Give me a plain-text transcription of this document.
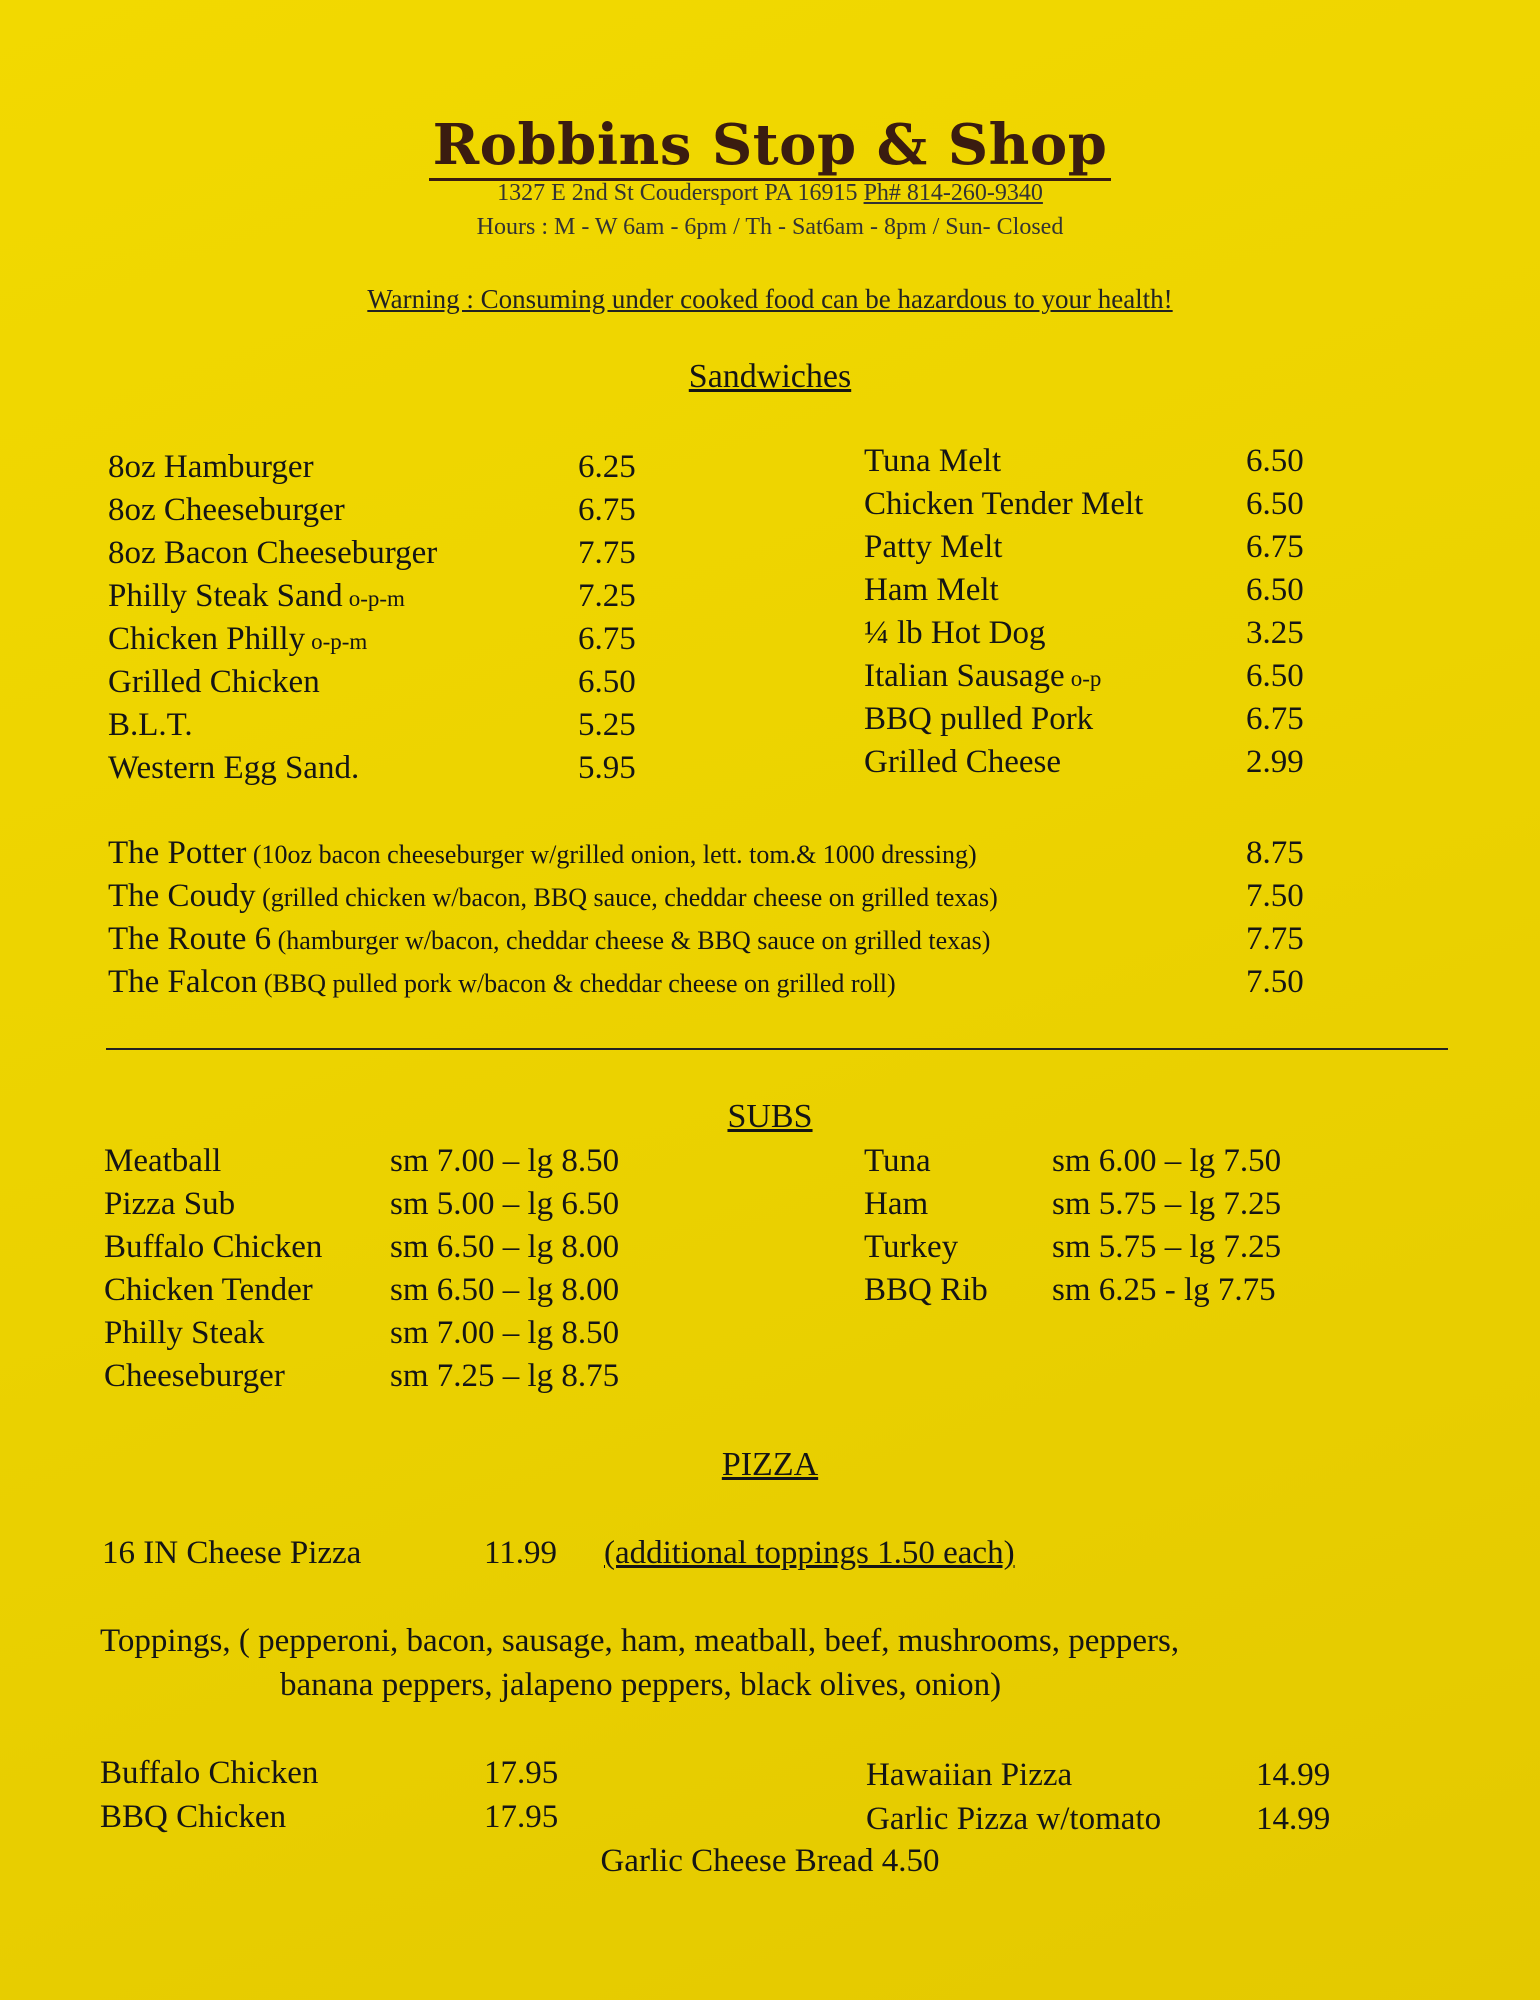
Robbins Stop & Shop
1327 E 2nd St Coudersport PA 16915 Ph# 814-260-9340
Hours : M - W 6am - 6pm / Th - Sat6am - 8pm / Sun- Closed
Warning : Consuming under cooked food can be hazardous to your health!
Sandwiches
8oz Hamburger	6.25
8oz Cheeseburger	6.75
8oz Bacon Cheeseburger	7.75
Philly Steak Sand o-p-m	7.25
Chicken Philly o-p-m	6.75
Grilled Chicken	6.50
B.L.T.	5.25
Western Egg Sand.	5.95
Tuna Melt	6.50
Chicken Tender Melt	6.50
Patty Melt	6.75
Ham Melt	6.50
¼ lb Hot Dog	3.25
Italian Sausage o-p	6.50
BBQ pulled Pork	6.75
Grilled Cheese	2.99
The Potter (10oz bacon cheeseburger w/grilled onion, lett. tom.& 1000 dressing)	8.75
The Coudy (grilled chicken w/bacon, BBQ sauce, cheddar cheese on grilled texas)	7.50
The Route 6 (hamburger w/bacon, cheddar cheese & BBQ sauce on grilled texas)	7.75
The Falcon (BBQ pulled pork w/bacon & cheddar cheese on grilled roll)	7.50
SUBS
Meatball	sm 7.00 – lg 8.50
Pizza Sub	sm 5.00 – lg 6.50
Buffalo Chicken sm 6.50 – lg 8.00
Chicken Tender sm 6.50 – lg 8.00
Philly Steak	sm 7.00 – lg 8.50
Cheeseburger	sm 7.25 – lg 8.75
Tuna	sm 6.00 – lg 7.50
Ham	sm 5.75 – lg 7.25
Turkey	sm 5.75 – lg 7.25
BBQ Rib sm 6.25 - lg 7.75
PIZZA
16 IN Cheese Pizza	11.99 (additional toppings 1.50 each)
Toppings, ( pepperoni, bacon, sausage, ham, meatball, beef, mushrooms, peppers,
banana peppers, jalapeno peppers, black olives, onion)
Buffalo Chicken	17.95
BBQ Chicken	17.95
Hawaiian Pizza	14.99
Garlic Pizza w/tomato	14.99
Garlic Cheese Bread 4.50
